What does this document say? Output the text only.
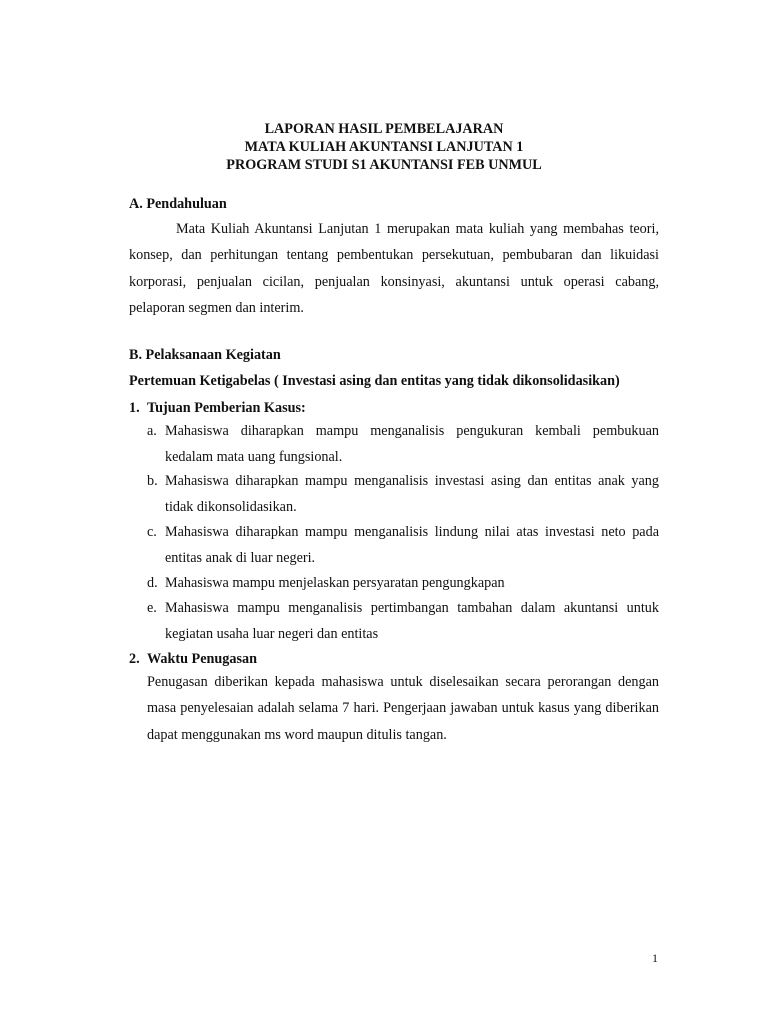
LAPORAN HASIL PEMBELAJARAN
MATA KULIAH AKUNTANSI LANJUTAN 1
PROGRAM STUDI S1 AKUNTANSI FEB UNMUL
A. Pendahuluan
Mata Kuliah Akuntansi Lanjutan 1 merupakan mata kuliah yang membahas teori, konsep, dan perhitungan tentang pembentukan persekutuan, pembubaran dan likuidasi korporasi, penjualan cicilan, penjualan konsinyasi, akuntansi untuk operasi cabang, pelaporan segmen dan interim.
B. Pelaksanaan Kegiatan
Pertemuan Ketigabelas ( Investasi asing dan entitas yang tidak dikonsolidasikan)
1. Tujuan Pemberian Kasus:
a. Mahasiswa diharapkan mampu menganalisis pengukuran kembali pembukuan kedalam mata uang fungsional.
b. Mahasiswa diharapkan mampu menganalisis investasi asing dan entitas anak yang tidak dikonsolidasikan.
c. Mahasiswa diharapkan mampu menganalisis lindung nilai atas investasi neto pada entitas anak di luar negeri.
d. Mahasiswa mampu menjelaskan persyaratan pengungkapan
e. Mahasiswa mampu menganalisis pertimbangan tambahan dalam akuntansi untuk kegiatan usaha luar negeri dan entitas
2. Waktu Penugasan
Penugasan diberikan kepada mahasiswa untuk diselesaikan secara perorangan dengan masa penyelesaian adalah selama 7 hari. Pengerjaan jawaban untuk kasus yang diberikan dapat menggunakan ms word maupun ditulis tangan.
1
